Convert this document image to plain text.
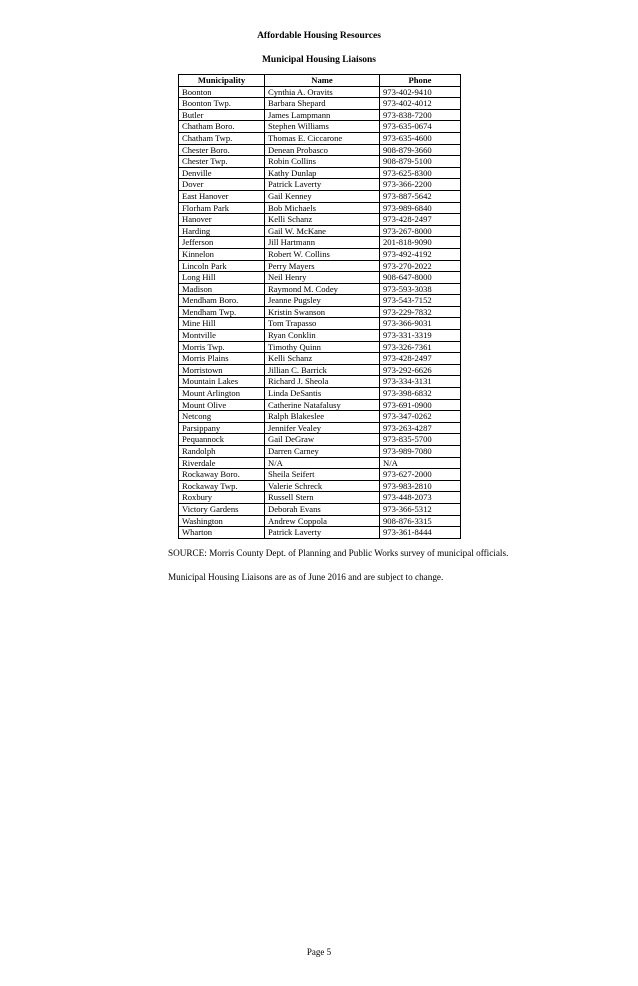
Affordable Housing Resources
Municipal Housing Liaisons
Municipality	Name	Phone
Boonton	Cynthia A. Oravits	973-402-9410
Boonton Twp.	Barbara Shepard	973-402-4012
Butler	James Lampmann	973-838-7200
Chatham Boro.	Stephen Williams	973-635-0674
Chatham Twp.	Thomas E. Ciccarone	973-635-4600
Chester Boro.	Denean Probasco	908-879-3660
Chester Twp.	Robin Collins	908-879-5100
Denville	Kathy Dunlap	973-625-8300
Dover	Patrick Laverty	973-366-2200
East Hanover	Gail Kenney	973-887-5642
Florham Park	Bob Michaels	973-989-6840
Hanover	Kelli Schanz	973-428-2497
Harding	Gail W. McKane	973-267-8000
Jefferson	Jill Hartmann	201-818-9090
Kinnelon	Robert W. Collins	973-492-4192
Lincoln Park	Perry Mayers	973-270-2022
Long Hill	Neil Henry	908-647-8000
Madison	Raymond M. Codey	973-593-3038
Mendham Boro.	Jeanne Pugsley	973-543-7152
Mendham Twp.	Kristin Swanson	973-229-7832
Mine Hill	Tom Trapasso	973-366-9031
Montville	Ryan Conklin	973-331-3319
Morris Twp.	Timothy Quinn	973-326-7361
Morris Plains	Kelli Schanz	973-428-2497
Morristown	Jillian C. Barrick	973-292-6626
Mountain Lakes	Richard J. Sheola	973-334-3131
Mount Arlington	Linda DeSantis	973-398-6832
Mount Olive	Catherine Natafalusy	973-691-0900
Netcong	Ralph Blakeslee	973-347-0262
Parsippany	Jennifer Vealey	973-263-4287
Pequannock	Gail DeGraw	973-835-5700
Randolph	Darren Carney	973-989-7080
Riverdale	N/A	N/A
Rockaway Boro.	Sheila Seifert	973-627-2000
Rockaway Twp.	Valerie Schreck	973-983-2810
Roxbury	Russell Stern	973-448-2073
Victory Gardens	Deborah Evans	973-366-5312
Washington	Andrew Coppola	908-876-3315
Wharton	Patrick Laverty	973-361-8444
SOURCE: Morris County Dept. of Planning and Public Works survey of municipal officials.
Municipal Housing Liaisons are as of June 2016 and are subject to change.
Page 5
